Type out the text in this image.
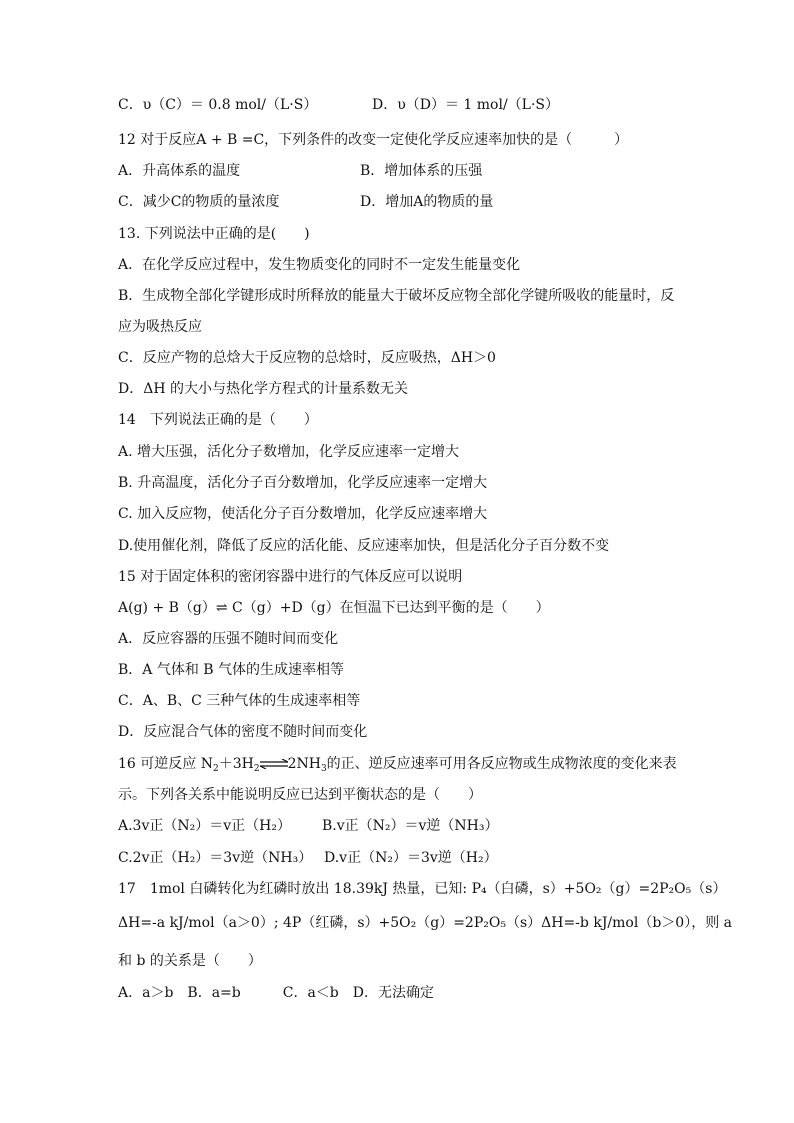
C．υ（C）＝ 0.8 mol/（L·S）	D．υ（D）＝ 1 mol/（L·S）
12 对于反应A + B =C，下列条件的改变一定使化学反应速率加快的是（　　　）
A．升高体系的温度	B．增加体系的压强
C．减少C的物质的量浓度	D．增加A的物质的量
13. 下列说法中正确的是(　　)
A．在化学反应过程中，发生物质变化的同时不一定发生能量变化
B．生成物全部化学键形成时所释放的能量大于破坏反应物全部化学键所吸收的能量时，反
应为吸热反应
C．反应产物的总焓大于反应物的总焓时，反应吸热，ΔH＞0
D．ΔH 的大小与热化学方程式的计量系数无关
14　下列说法正确的是（　　）
A. 增大压强，活化分子数增加，化学反应速率一定增大
B. 升高温度，活化分子百分数增加，化学反应速率一定增大
C. 加入反应物，使活化分子百分数增加，化学反应速率增大
D.使用催化剂，降低了反应的活化能、反应速率加快，但是活化分子百分数不变
15 对于固定体积的密闭容器中进行的气体反应可以说明
A(g) + B（g）⇌ C（g）+D（g）在恒温下已达到平衡的是（　　）
A．反应容器的压强不随时间而变化
B．A 气体和 B 气体的生成速率相等
C．A、B、C 三种气体的生成速率相等
D．反应混合气体的密度不随时间而变化
16 可逆反应 $N_2+3H_2\rightleftharpoons 2NH_3$的正、逆反应速率可用各反应物或生成物浓度的变化来表
示。下列各关系中能说明反应已达到平衡状态的是（　　）
A.3v正（N₂）＝v正（H₂） B.v正（N₂）＝v逆（NH₃）
C.2v正（H₂）＝3v逆（NH₃） D.v正（N₂）＝3v逆（H₂）
17　1mol 白磷转化为红磷时放出 18.39kJ 热量，已知: P₄（白磷，s）+5O₂（g）=2P₂O₅（s）
ΔH=-a kJ/mol（a＞0）; 4P（红磷，s）+5O₂（g）=2P₂O₅（s）ΔH=-b kJ/mol（b＞0），则 a
和 b 的关系是（　　）
A．a＞b　B．a=b　　　C．a＜b　D．无法确定
